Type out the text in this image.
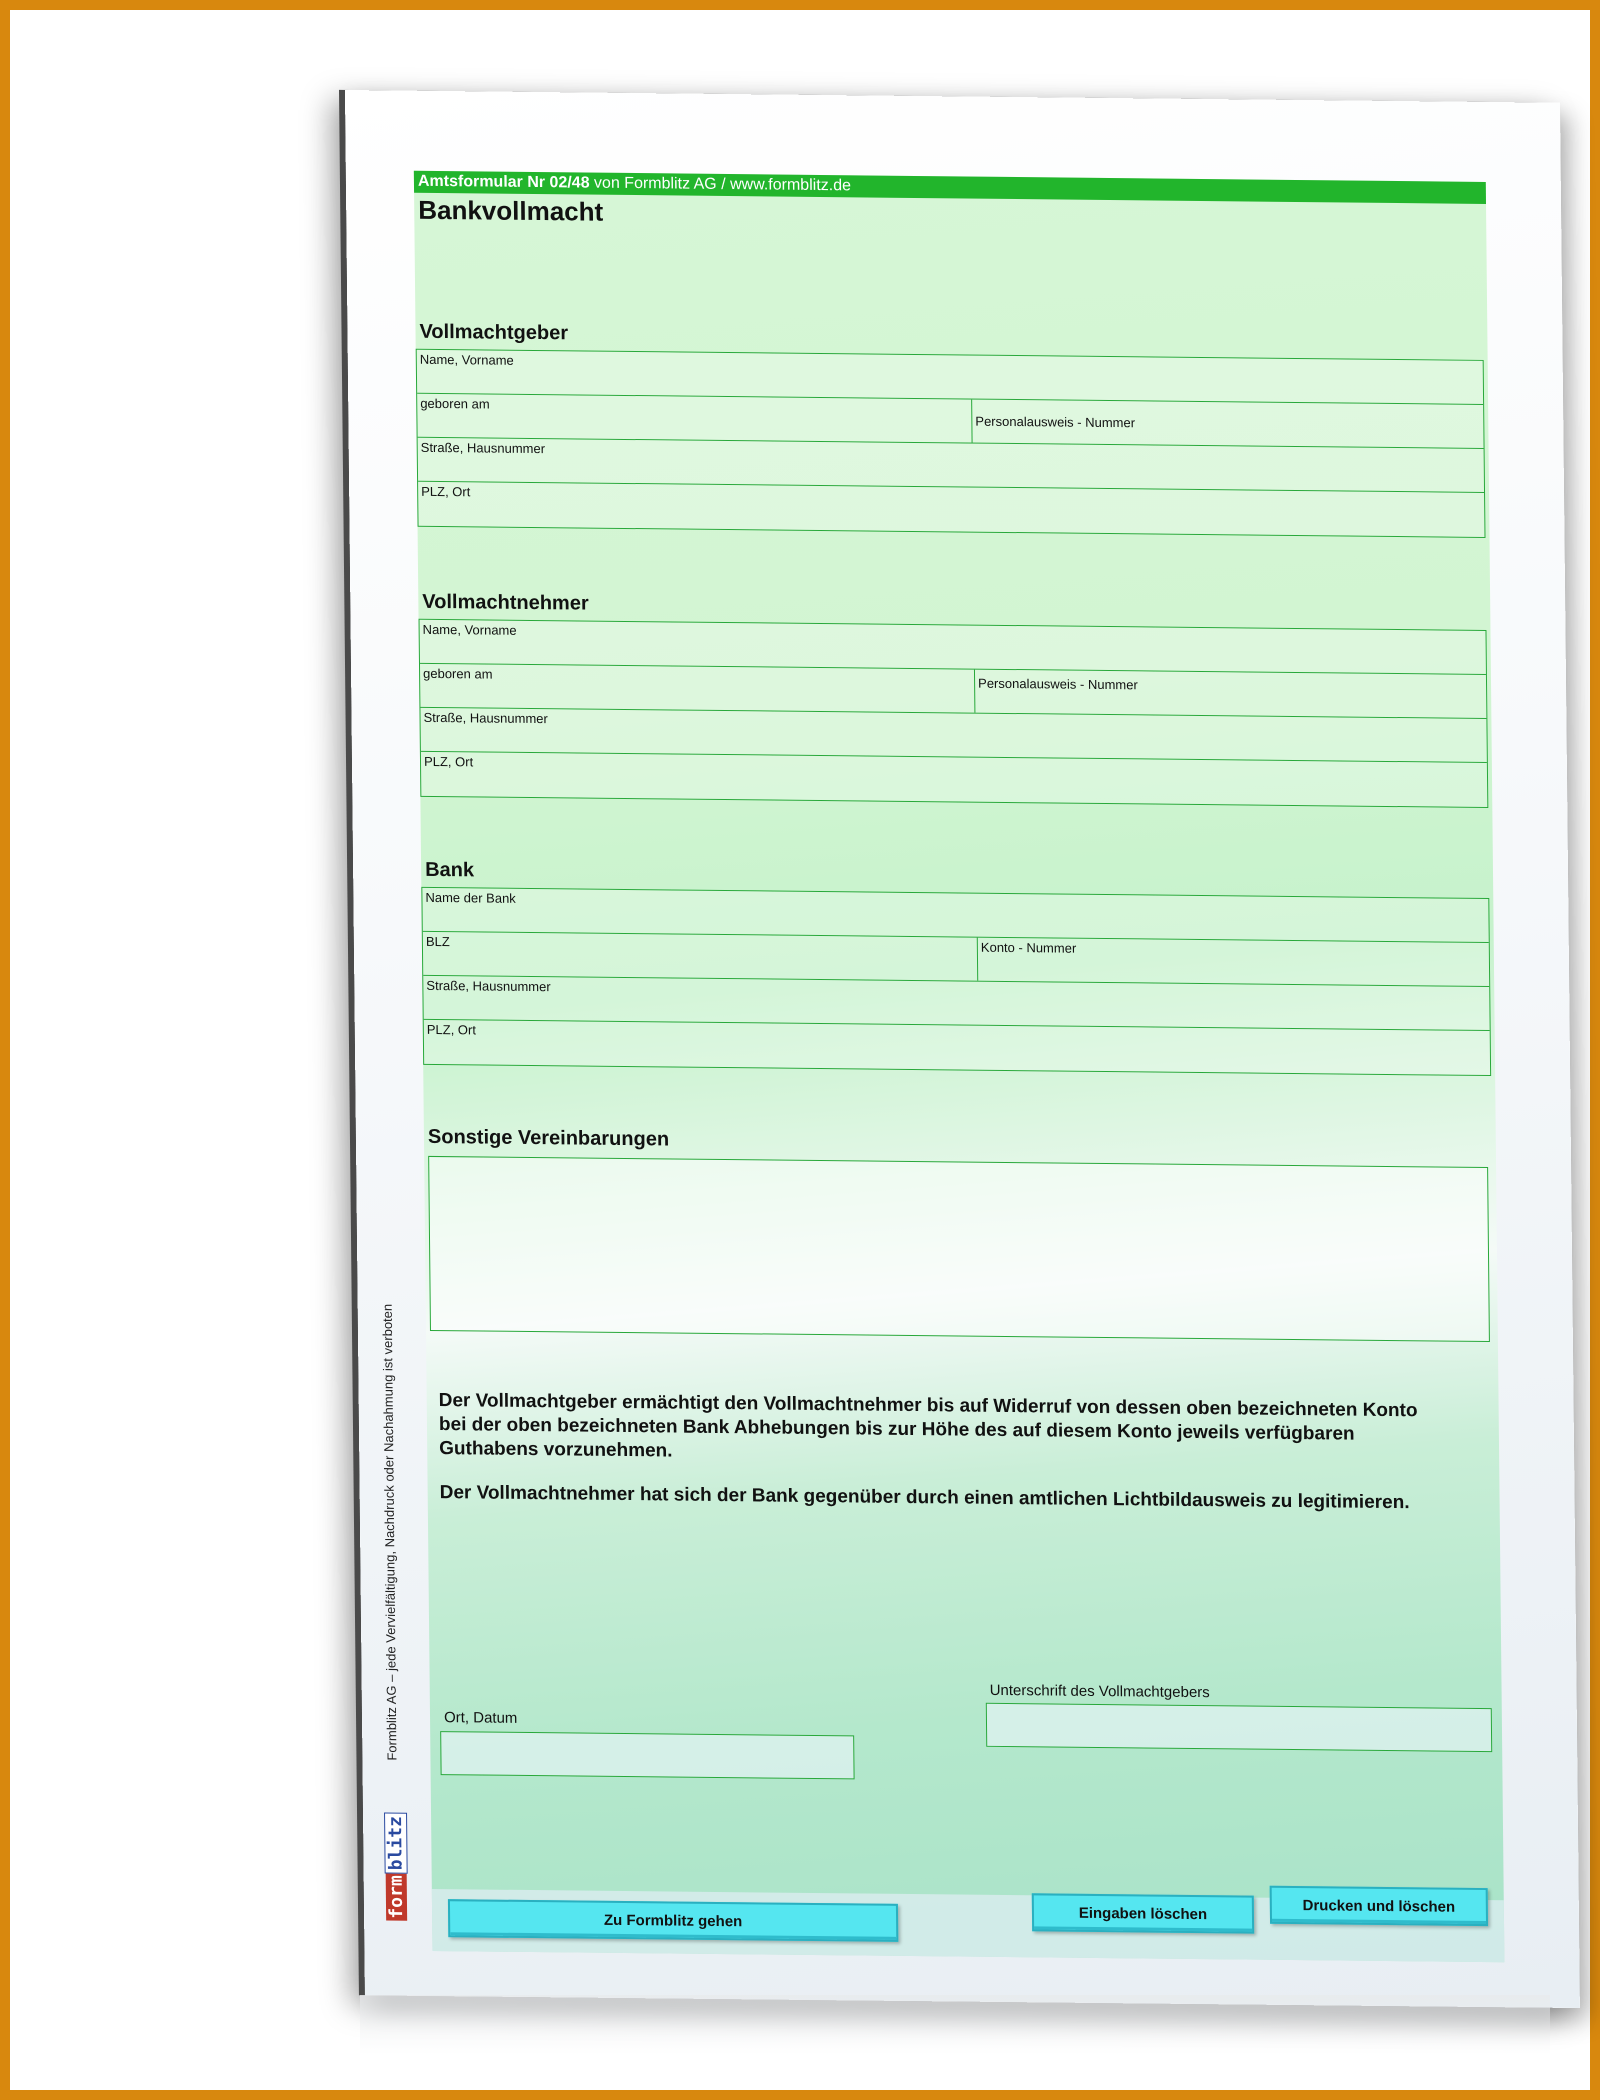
Formblitz AG – jede Vervielfältigung, Nachdruck oder Nachahmung ist verboten
formblitz
Amtsformular Nr 02/48 von Formblitz AG / www.formblitz.de
Bankvollmacht
Vollmachtgeber
Name, Vorname
geboren am
Personalausweis - Nummer
Straße, Hausnummer
PLZ, Ort
Vollmachtnehmer
Name, Vorname
geboren am
Personalausweis - Nummer
Straße, Hausnummer
PLZ, Ort
Bank
Name der Bank
BLZ	Konto - Nummer
Straße, Hausnummer
PLZ, Ort
Sonstige Vereinbarungen
Der Vollmachtgeber ermächtigt den Vollmachtnehmer bis auf Widerruf von dessen oben bezeichneten Konto
bei der oben bezeichneten Bank Abhebungen bis zur Höhe des auf diesem Konto jeweils verfügbaren
Guthabens vorzunehmen.
Der Vollmachtnehmer hat sich der Bank gegenüber durch einen amtlichen Lichtbildausweis zu legitimieren.
Ort, Datum
Unterschrift des Vollmachtgebers
Zu Formblitz gehen	Eingaben löschen	Drucken und löschen
